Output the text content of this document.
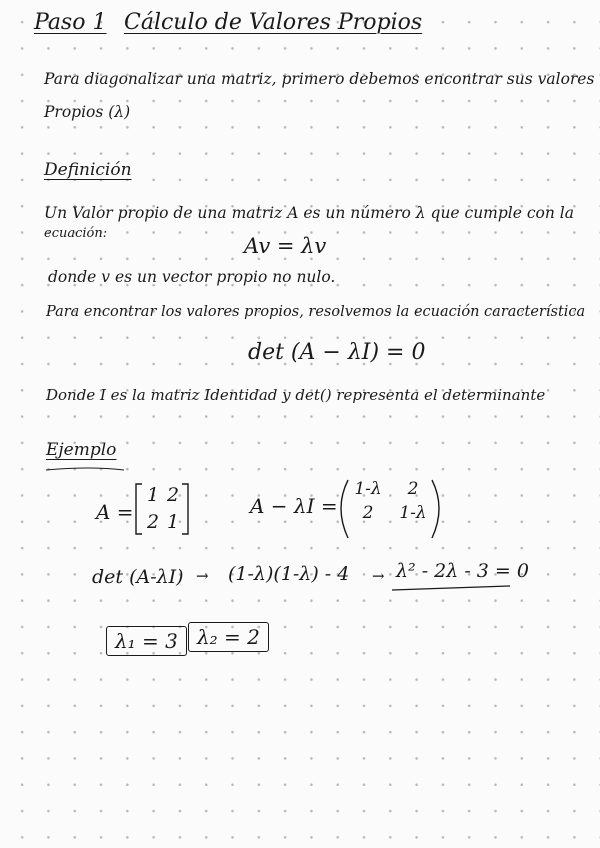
Paso 1 Cálculo de Valores Propios
Para diagonalizar una matriz, primero debemos encontrar sus valores
Propios (λ)
Definición
Un Valor propio de una matriz A es un número λ que cumple con la
ecuación:
Av = λv
donde v es un vector propio no nulo.
Para encontrar los valores propios, resolvemos la ecuación característica
det (A − λI) = 0
Donde I es la matriz Identidad y det() representa el determinante
Ejemplo
A =
1 2
2 1
A − λI =
1-λ 2
2 1-λ
det (A-λI) → (1-λ)(1-λ) - 4 → λ² - 2λ - 3 = 0
λ₁ = 3 λ₂ = 2
